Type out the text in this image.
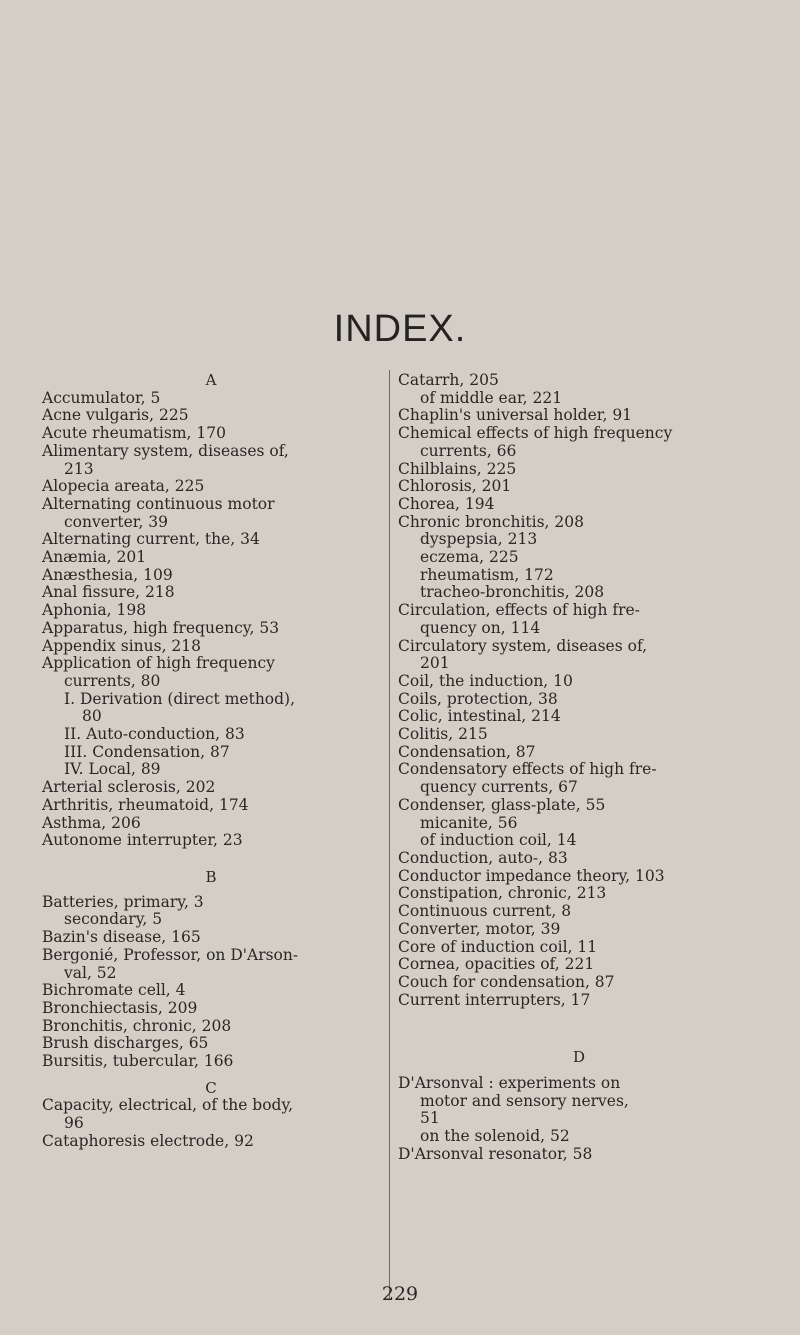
INDEX.
A
Accumulator, 5
Acne vulgaris, 225
Acute rheumatism, 170
Alimentary system, diseases of,
213
Alopecia areata, 225
Alternating continuous motor
converter, 39
Alternating current, the, 34
Anæmia, 201
Anæsthesia, 109
Anal fissure, 218
Aphonia, 198
Apparatus, high frequency, 53
Appendix sinus, 218
Application of high frequency
currents, 80
I. Derivation (direct method),
80
II. Auto-conduction, 83
III. Condensation, 87
IV. Local, 89
Arterial sclerosis, 202
Arthritis, rheumatoid, 174
Asthma, 206
Autonome interrupter, 23
B
Batteries, primary, 3
secondary, 5
Bazin's disease, 165
Bergonié, Professor, on D'Arson-
val, 52
Bichromate cell, 4
Bronchiectasis, 209
Bronchitis, chronic, 208
Brush discharges, 65
Bursitis, tubercular, 166
C
Capacity, electrical, of the body,
96
Cataphoresis electrode, 92
Catarrh, 205
of middle ear, 221
Chaplin's universal holder, 91
Chemical effects of high frequency
currents, 66
Chilblains, 225
Chlorosis, 201
Chorea, 194
Chronic bronchitis, 208
dyspepsia, 213
eczema, 225
rheumatism, 172
tracheo-bronchitis, 208
Circulation, effects of high fre-
quency on, 114
Circulatory system, diseases of,
201
Coil, the induction, 10
Coils, protection, 38
Colic, intestinal, 214
Colitis, 215
Condensation, 87
Condensatory effects of high fre-
quency currents, 67
Condenser, glass-plate, 55
micanite, 56
of induction coil, 14
Conduction, auto-, 83
Conductor impedance theory, 103
Constipation, chronic, 213
Continuous current, 8
Converter, motor, 39
Core of induction coil, 11
Cornea, opacities of, 221
Couch for condensation, 87
Current interrupters, 17
D
D'Arsonval : experiments on
motor and sensory nerves,
51
on the solenoid, 52
D'Arsonval resonator, 58
229
